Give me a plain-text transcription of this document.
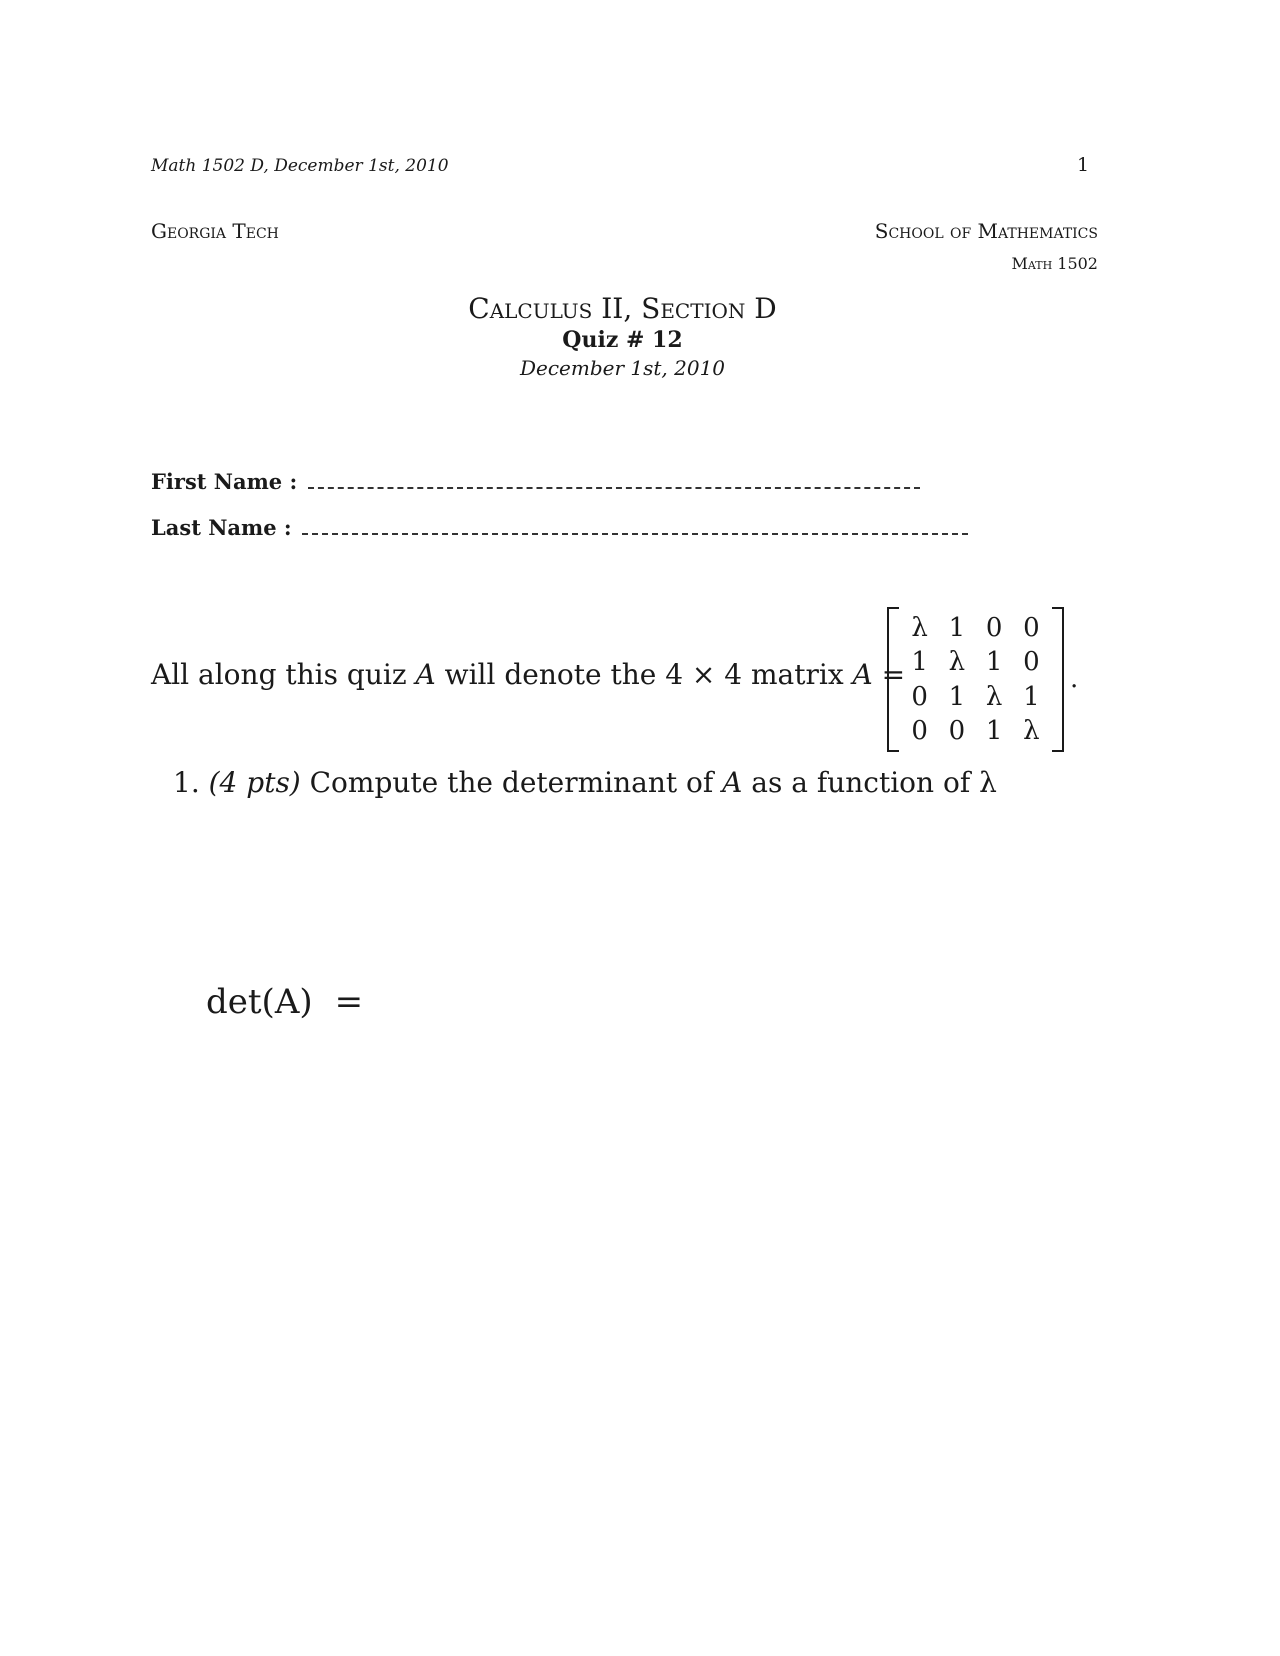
Math 1502 D, December 1st, 2010	1
Georgia Tech	School of Mathematics
Math 1502
Calculus II, Section D
Quiz # 12
December 1st, 2010
First Name :
Last Name :
All along this quiz A will denote the 4 × 4 matrix A =
λ 1 0 0
1 λ 1 0
0 1 λ 1
0 0 1 λ
.
1. (4 pts) Compute the determinant of A as a function of λ
det(A) =
